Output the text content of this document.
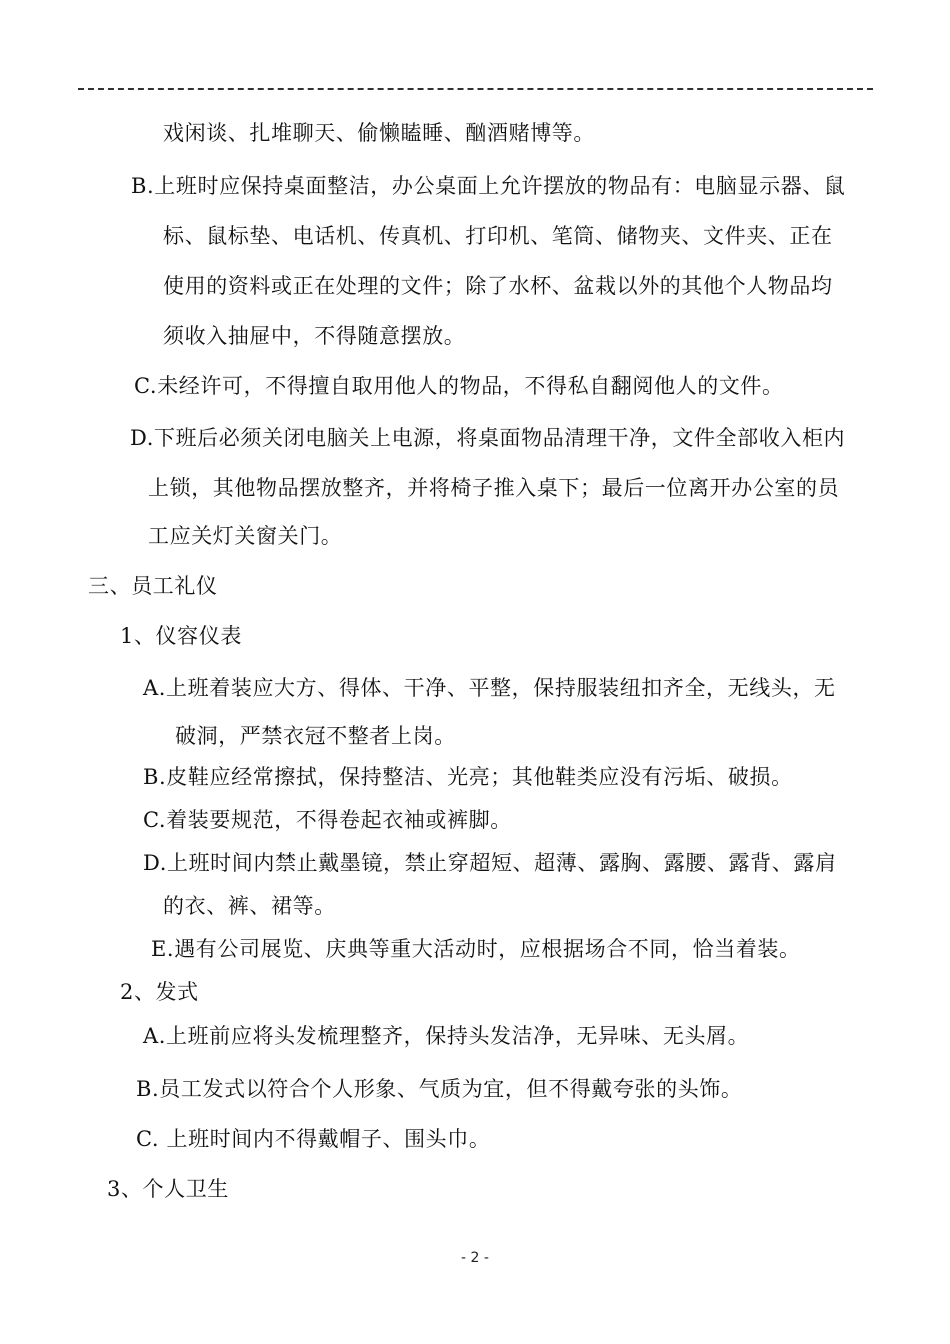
戏闲谈、扎堆聊天、偷懒瞌睡、酗酒赌博等。
B.上班时应保持桌面整洁，办公桌面上允许摆放的物品有：电脑显示器、鼠
标、鼠标垫、电话机、传真机、打印机、笔筒、储物夹、文件夹、正在
使用的资料或正在处理的文件；除了水杯、盆栽以外的其他个人物品均
须收入抽屉中，不得随意摆放。
C.未经许可，不得擅自取用他人的物品，不得私自翻阅他人的文件。
D.下班后必须关闭电脑关上电源，将桌面物品清理干净，文件全部收入柜内
上锁，其他物品摆放整齐，并将椅子推入桌下；最后一位离开办公室的员
工应关灯关窗关门。
三、员工礼仪
1、仪容仪表
A.上班着装应大方、得体、干净、平整，保持服装纽扣齐全，无线头，无
破洞，严禁衣冠不整者上岗。
B.皮鞋应经常擦拭，保持整洁、光亮；其他鞋类应没有污垢、破损。
C.着装要规范，不得卷起衣袖或裤脚。
D.上班时间内禁止戴墨镜，禁止穿超短、超薄、露胸、露腰、露背、露肩
的衣、裤、裙等。
E.遇有公司展览、庆典等重大活动时，应根据场合不同，恰当着装。
2、发式
A.上班前应将头发梳理整齐，保持头发洁净，无异味、无头屑。
B.员工发式以符合个人形象、气质为宜，但不得戴夸张的头饰。
C. 上班时间内不得戴帽子、围头巾。
3、个人卫生
- 2 -
